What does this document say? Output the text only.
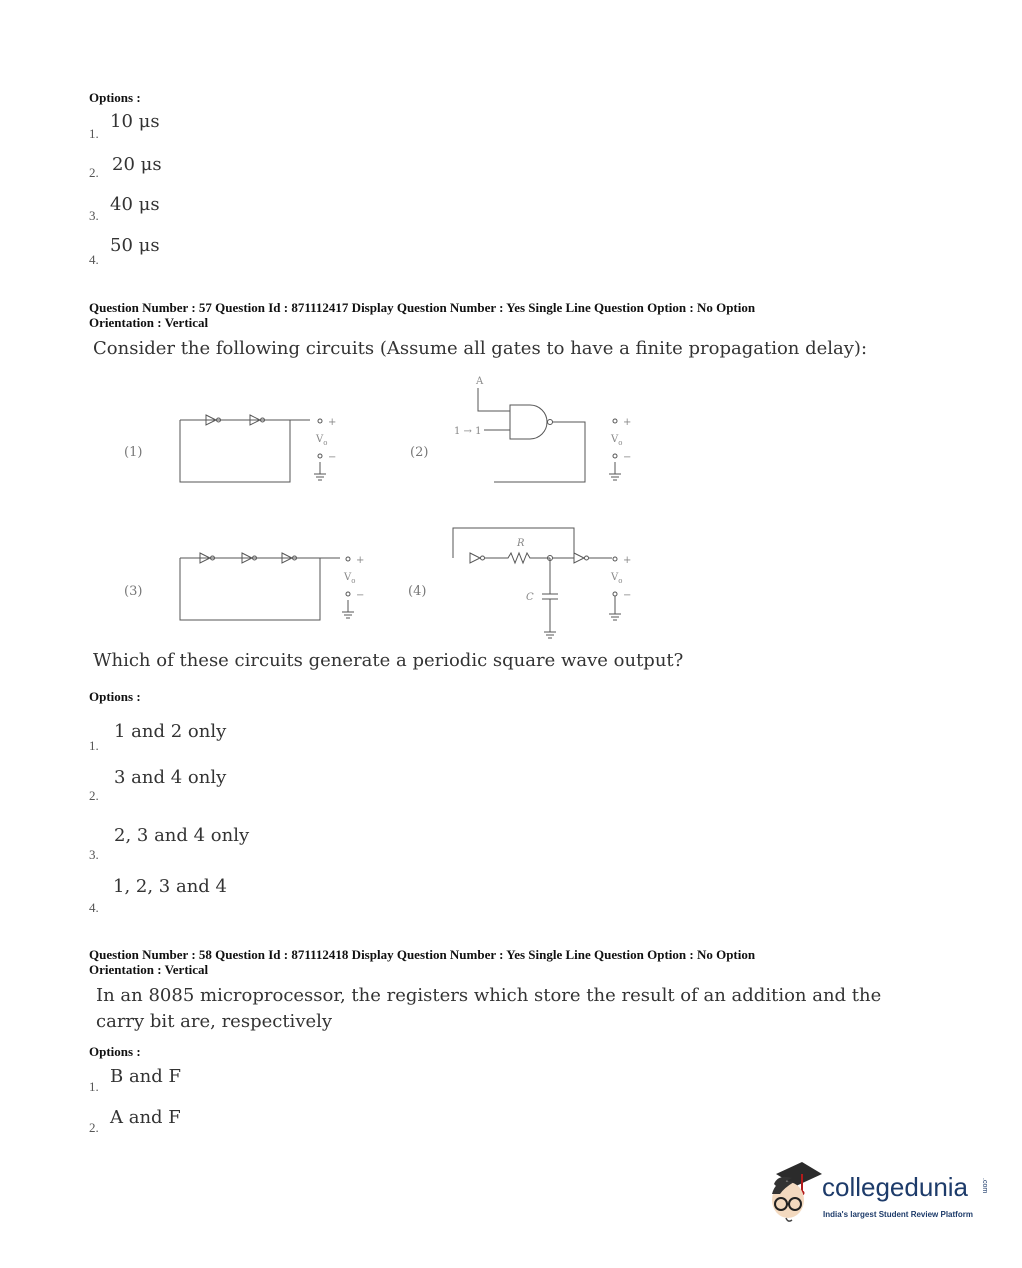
Options :
1.
10 μs
2. 20 μs
3.
40 μs
4.
50 μs
Question Number : 57 Question Id : 871112417 Display Question Number : Yes Single Line Question Option : No Option
Orientation : Vertical
Consider the following circuits (Assume all gates to have a finite propagation delay):
(1)	(2)
(3)	(4)
+
−
$V_o$
A
1 → 1
+
−
$V_o$
+
−
$V_o$
R
C
+
−
$V_o$
Which of these circuits generate a periodic square wave output?
Options :
1.
1 and 2 only
2.
3 and 4 only
3.
2, 3 and 4 only
4.
1, 2, 3 and 4
Question Number : 58 Question Id : 871112418 Display Question Number : Yes Single Line Question Option : No Option
Orientation : Vertical
In an 8085 microprocessor, the registers which store the result of an addition and the
carry bit are, respectively
Options :
1. B and F
2. A and F
collegedunia .com
India's largest Student Review Platform
